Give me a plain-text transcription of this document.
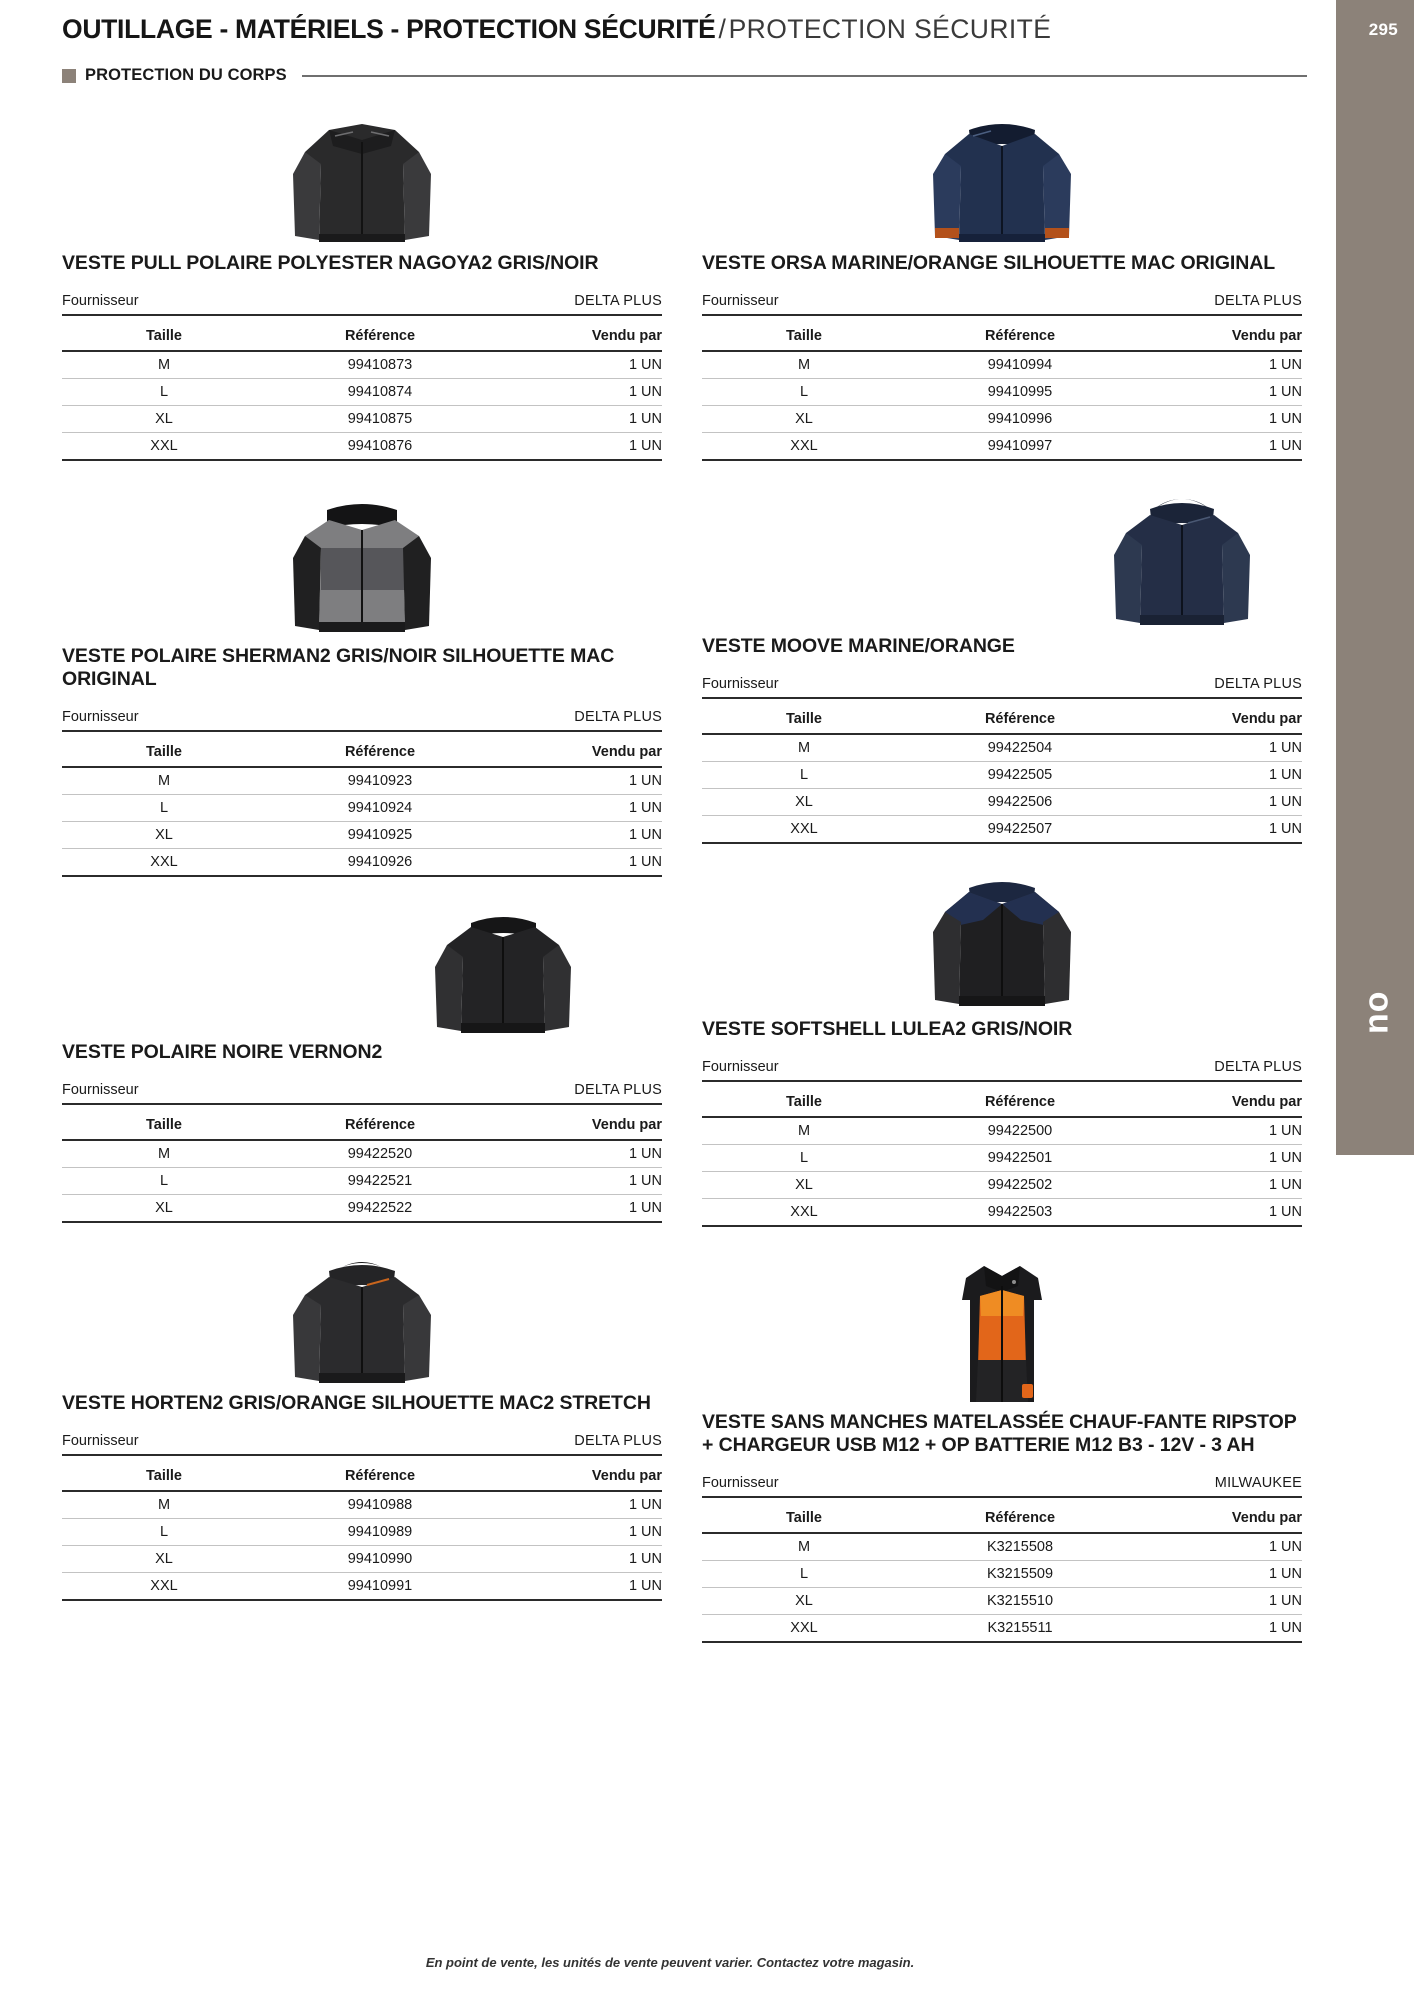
295
ou
OUTILLAGE - MATÉRIELS - PROTECTION SÉCURITÉ / PROTECTION SÉCURITÉ
PROTECTION DU CORPS
VESTE PULL POLAIRE POLYESTER NAGOYA2 GRIS/NOIR
Fournisseur	DELTA PLUS
Taille	Référence	Vendu par
M	99410873	1 UN
L	99410874	1 UN
XL	99410875	1 UN
XXL	99410876	1 UN
VESTE POLAIRE SHERMAN2 GRIS/NOIR SILHOUETTE MAC ORIGINAL
Fournisseur	DELTA PLUS
Taille	Référence	Vendu par
M	99410923	1 UN
L	99410924	1 UN
XL	99410925	1 UN
XXL	99410926	1 UN
VESTE POLAIRE NOIRE VERNON2
Fournisseur	DELTA PLUS
Taille	Référence	Vendu par
M	99422520	1 UN
L	99422521	1 UN
XL	99422522	1 UN
VESTE HORTEN2 GRIS/ORANGE SILHOUETTE MAC2 STRETCH
Fournisseur	DELTA PLUS
Taille	Référence	Vendu par
M	99410988	1 UN
L	99410989	1 UN
XL	99410990	1 UN
XXL	99410991	1 UN
VESTE ORSA MARINE/ORANGE SILHOUETTE MAC ORIGINAL
Fournisseur	DELTA PLUS
Taille	Référence	Vendu par
M	99410994	1 UN
L	99410995	1 UN
XL	99410996	1 UN
XXL	99410997	1 UN
VESTE MOOVE MARINE/ORANGE
Fournisseur	DELTA PLUS
Taille	Référence	Vendu par
M	99422504	1 UN
L	99422505	1 UN
XL	99422506	1 UN
XXL	99422507	1 UN
VESTE SOFTSHELL LULEA2 GRIS/NOIR
Fournisseur	DELTA PLUS
Taille	Référence	Vendu par
M	99422500	1 UN
L	99422501	1 UN
XL	99422502	1 UN
XXL	99422503	1 UN
VESTE SANS MANCHES MATELASSÉE CHAUF-FANTE RIPSTOP + CHARGEUR USB M12 + OP BATTERIE M12 B3 - 12V - 3 AH
Fournisseur	MILWAUKEE
Taille	Référence	Vendu par
M	K3215508	1 UN
L	K3215509	1 UN
XL	K3215510	1 UN
XXL	K3215511	1 UN
En point de vente, les unités de vente peuvent varier. Contactez votre magasin.
